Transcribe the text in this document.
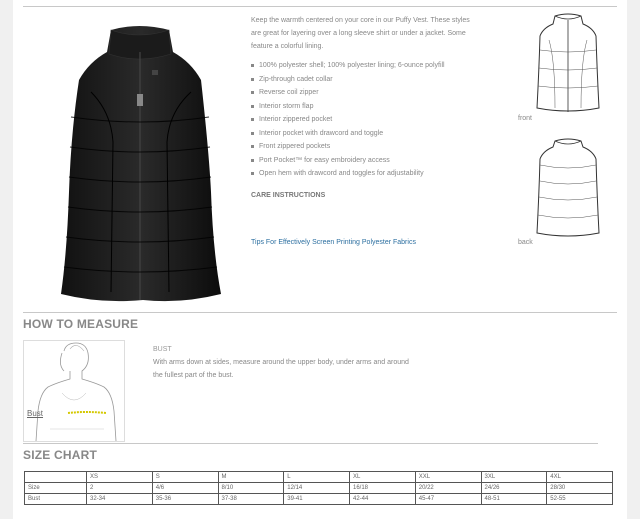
Keep the warmth centered on your core in our Puffy Vest. These styles are great for layering over a long sleeve shirt or under a jacket. Some feature a colorful lining.

100% polyester shell; 100% polyester lining; 6-ounce polyfill
Zip-through cadet collar
Reverse coil zipper
Interior storm flap
Interior zippered pocket
Interior pocket with drawcord and toggle
Front zippered pockets
Port Pocket™ for easy embroidery access
Open hem with drawcord and toggles for adjustability
CARE INSTRUCTIONS
Tips For Effectively Screen Printing Polyester Fabrics
front
back
HOW TO MEASURE
Bust
BUST
With arms down at sides, measure around the upper body, under arms and around the fullest part of the bust.
SIZE CHART
	XS	S	M	L	XL	XXL	3XL	4XL
Size	2	4/6	8/10	12/14	16/18	20/22	24/26	28/30
Bust	32-34	35-36	37-38	39-41	42-44	45-47	48-51	52-55
